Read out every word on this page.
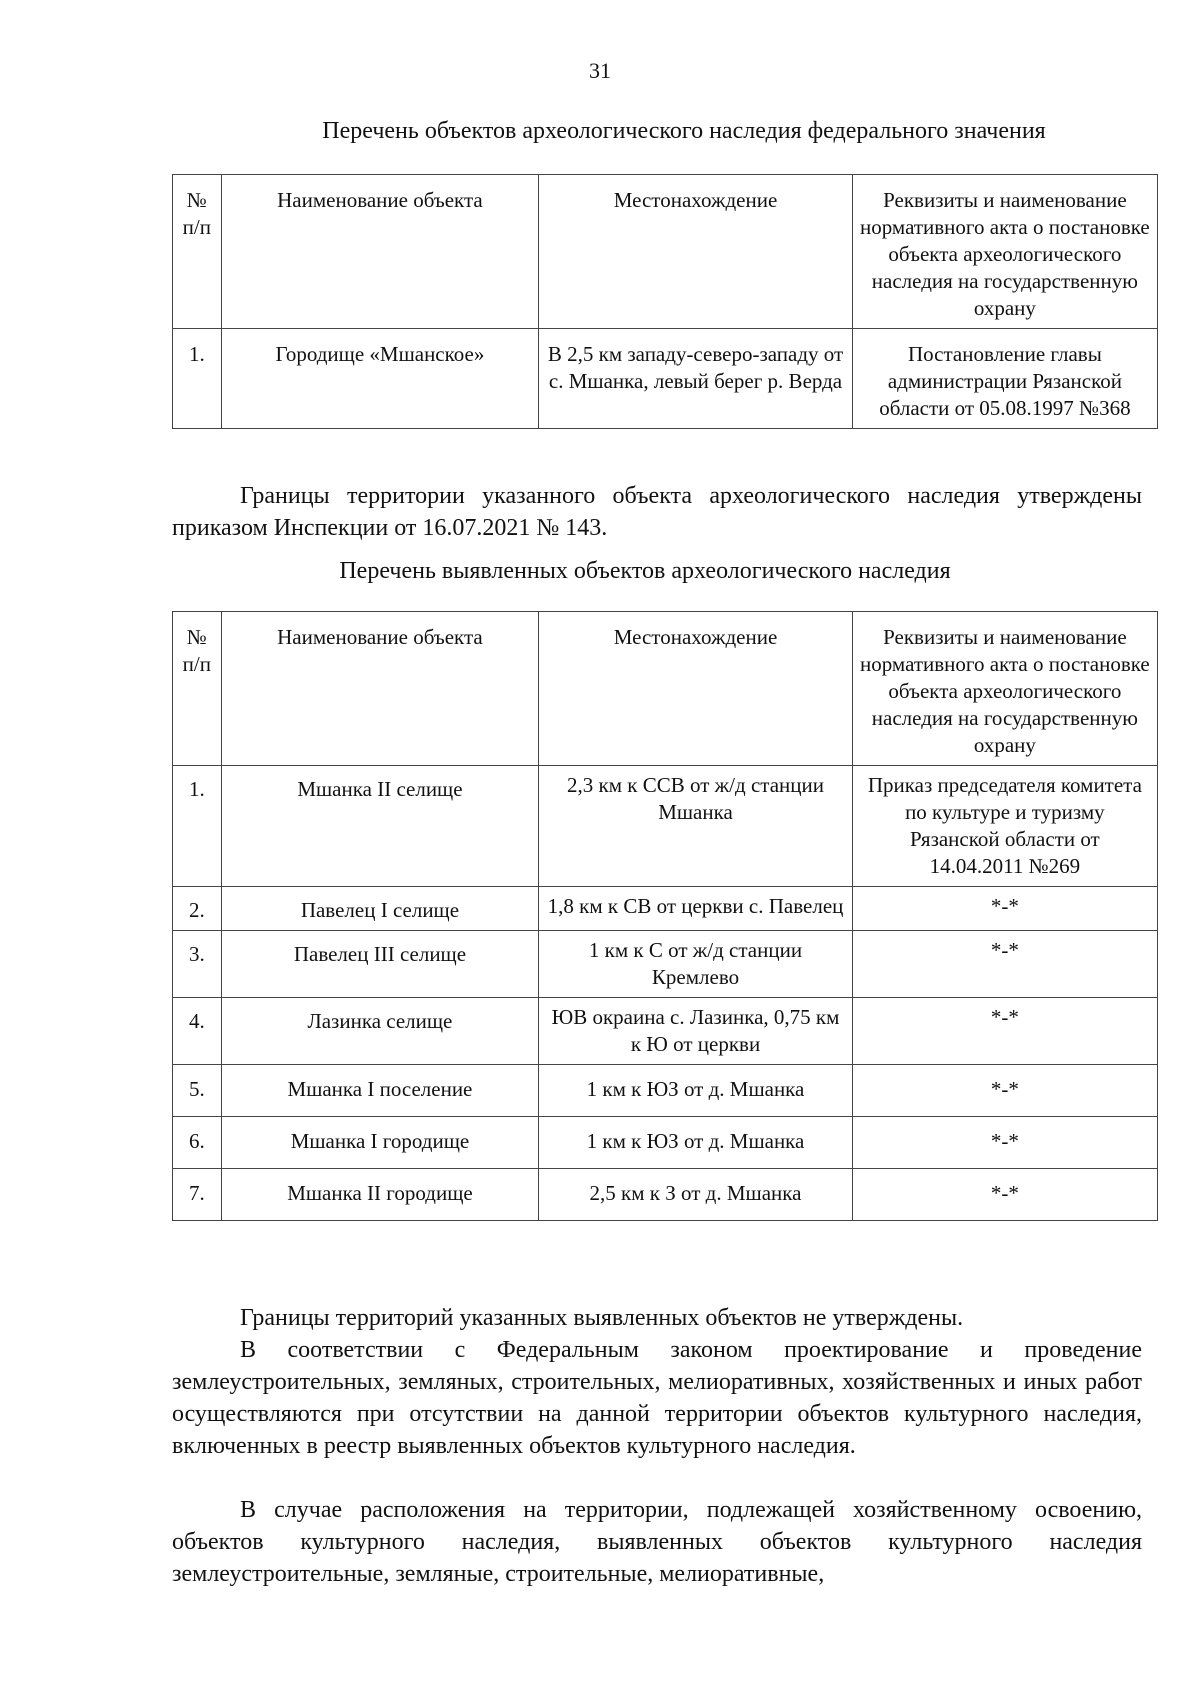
31
Перечень объектов археологического наследия федерального значения
№
п/п	Наименование объекта	Местонахождение	Реквизиты и наименование нормативного акта о постановке объекта археологического наследия на государственную охрану
1.	Городище «Мшанское»	В 2,5 км западу-северо-западу от с. Мшанка, левый берег р. Верда	Постановление главы администрации Рязанской области от 05.08.1997 №368

Границы территории указанного объекта археологического наследия утверждены приказом Инспекции от 16.07.2021 № 143.

Перечень выявленных объектов археологического наследия
№
п/п	Наименование объекта	Местонахождение	Реквизиты и наименование нормативного акта о постановке объекта археологического наследия на государственную охрану
1.	Мшанка II селище	2,3 км к ССВ от ж/д станции Мшанка	Приказ председателя комитета по культуре и туризму Рязанской области от 14.04.2011 №269
2.	Павелец I селище	1,8 км к СВ от церкви с. Павелец	*-*
3.	Павелец III селище	1 км к С от ж/д станции Кремлево	*-*
4.	Лазинка селище	ЮВ окраина с. Лазинка, 0,75 км к Ю от церкви	*-*
5.	Мшанка I поселение	1 км к ЮЗ от д. Мшанка	*-*
6.	Мшанка I городище	1 км к ЮЗ от д. Мшанка	*-*
7.	Мшанка II городище	2,5 км к З от д. Мшанка	*-*

Границы территорий указанных выявленных объектов не утверждены.

В соответствии с Федеральным законом проектирование и проведение землеустроительных, земляных, строительных, мелиоративных, хозяйственных и иных работ осуществляются при отсутствии на данной территории объектов культурного наследия, включенных в реестр выявленных объектов культурного наследия.

В случае расположения на территории, подлежащей хозяйственному освоению, объектов культурного наследия, выявленных объектов культурного наследия землеустроительные, земляные, строительные, мелиоративные,
